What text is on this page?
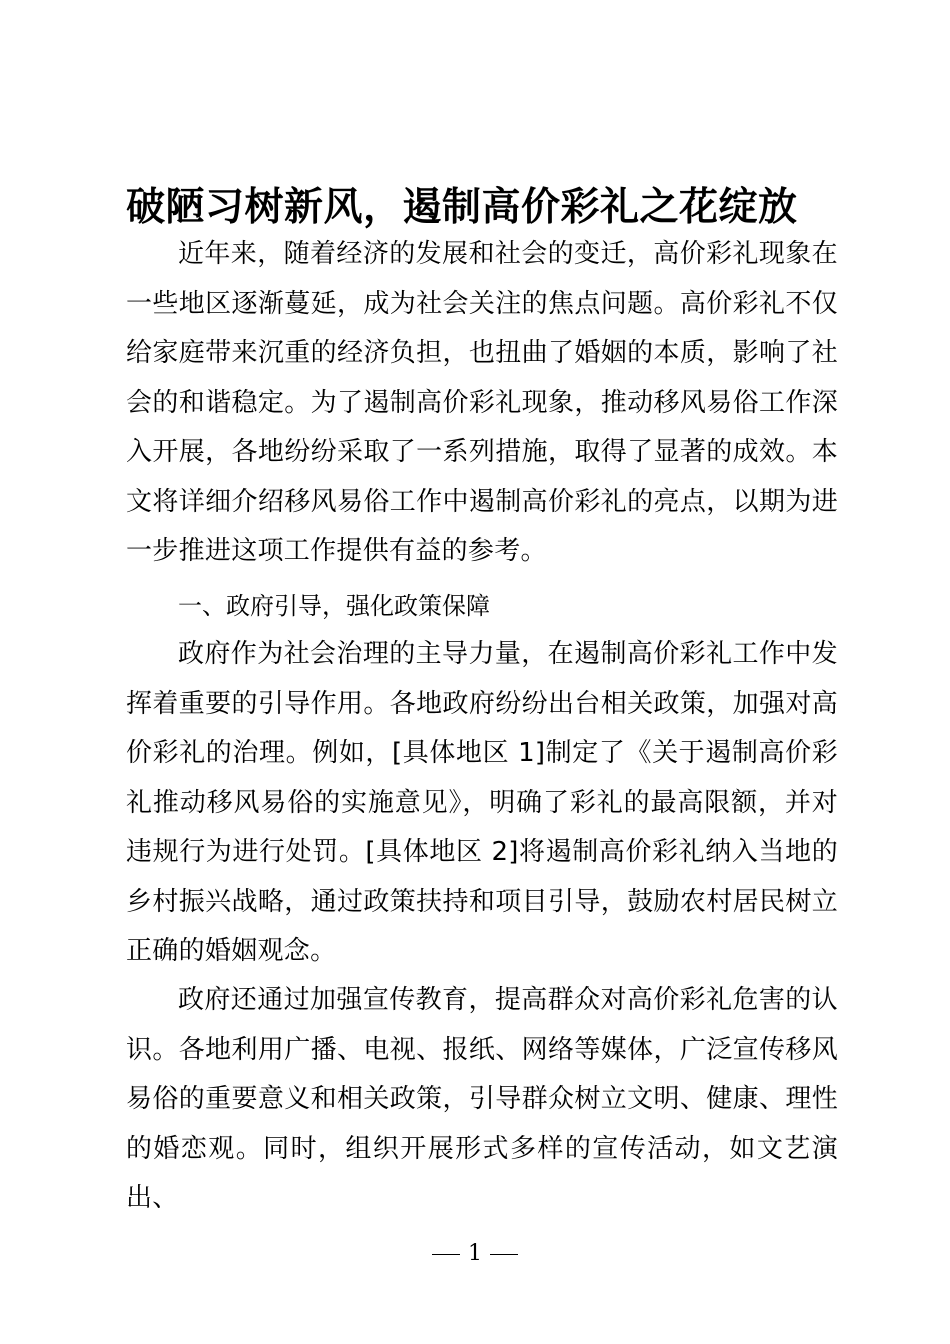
破陋习树新风，遏制高价彩礼之花绽放

近年来，随着经济的发展和社会的变迁，高价彩礼现象在一些地区逐渐蔓延，成为社会关注的焦点问题。高价彩礼不仅给家庭带来沉重的经济负担，也扭曲了婚姻的本质，影响了社会的和谐稳定。为了遏制高价彩礼现象，推动移风易俗工作深入开展，各地纷纷采取了一系列措施，取得了显著的成效。本文将详细介绍移风易俗工作中遏制高价彩礼的亮点，以期为进一步推进这项工作提供有益的参考。

一、政府引导，强化政策保障

政府作为社会治理的主导力量，在遏制高价彩礼工作中发挥着重要的引导作用。各地政府纷纷出台相关政策，加强对高价彩礼的治理。例如，[具体地区 1]制定了《关于遏制高价彩礼推动移风易俗的实施意见》，明确了彩礼的最高限额，并对违规行为进行处罚。[具体地区 2]将遏制高价彩礼纳入当地的乡村振兴战略，通过政策扶持和项目引导，鼓励农村居民树立正确的婚姻观念。

政府还通过加强宣传教育，提高群众对高价彩礼危害的认识。各地利用广播、电视、报纸、网络等媒体，广泛宣传移风易俗的重要意义和相关政策，引导群众树立文明、健康、理性的婚恋观。同时，组织开展形式多样的宣传活动，如文艺演出、

1
